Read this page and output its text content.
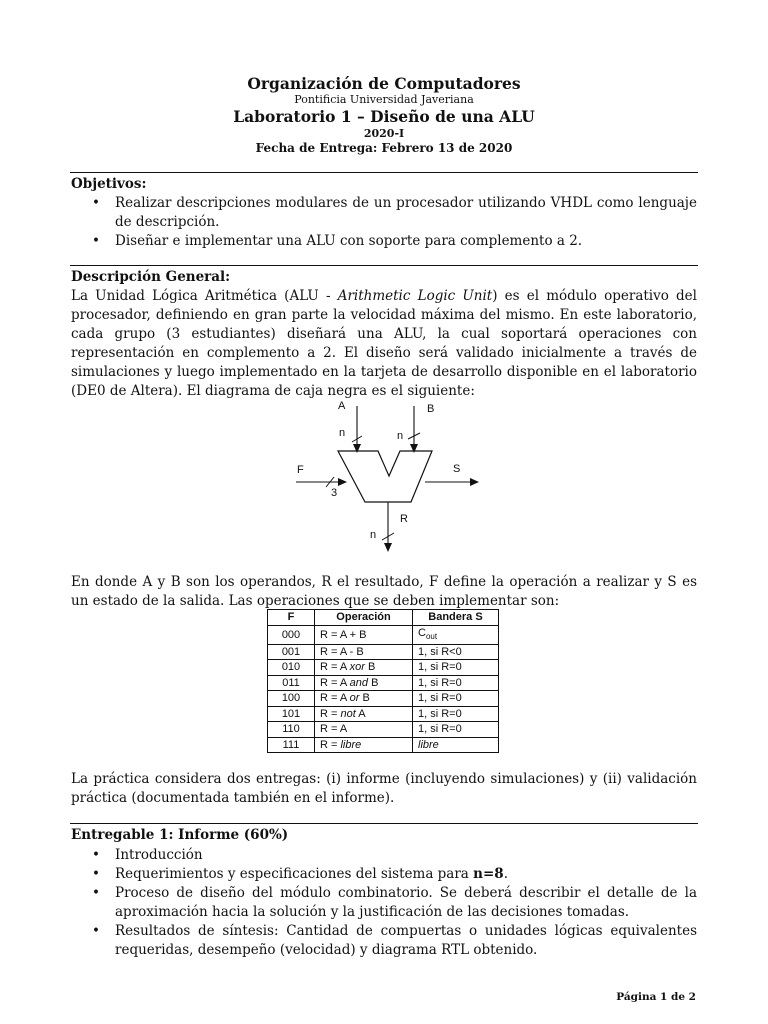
Organización de Computadores
Pontificia Universidad Javeriana
Laboratorio 1 – Diseño de una ALU
2020-I
Fecha de Entrega: Febrero 13 de 2020
Objetivos:
• Realizar descripciones modulares de un procesador utilizando VHDL como lenguaje de descripción.
• Diseñar e implementar una ALU con soporte para complemento a 2.
Descripción General:
La Unidad Lógica Aritmética (ALU - Arithmetic Logic Unit) es el módulo operativo del procesador, definiendo en gran parte la velocidad máxima del mismo. En este laboratorio, cada grupo (3 estudiantes) diseñará una ALU, la cual soportará operaciones con representación en complemento a 2. El diseño será validado inicialmente a través de simulaciones y luego implementado en la tarjeta de desarrollo disponible en el laboratorio (DE0 de Altera). El diagrama de caja negra es el siguiente:
A
n
B
n
F
3
S
R
n
En donde A y B son los operandos, R el resultado, F define la operación a realizar y S es un estado de la salida. Las operaciones que se deben implementar son:
F	Operación	Bandera S
000	R = A + B	$C_{out}$
001	R = A - B	1, si R<0
010	R = A xor B	1, si R=0
011	R = A and B	1, si R=0
100	R = A or B	1, si R=0
101	R = not A	1, si R=0
110	R = A	1, si R=0
111	R = libre	libre
La práctica considera dos entregas: (i) informe (incluyendo simulaciones) y (ii) validación práctica (documentada también en el informe).
Entregable 1: Informe (60%)
• Introducción
• Requerimientos y especificaciones del sistema para n=8.
• Proceso de diseño del módulo combinatorio. Se deberá describir el detalle de la aproximación hacia la solución y la justificación de las decisiones tomadas.
• Resultados de síntesis: Cantidad de compuertas o unidades lógicas equivalentes requeridas, desempeño (velocidad) y diagrama RTL obtenido.
Página 1 de 2
